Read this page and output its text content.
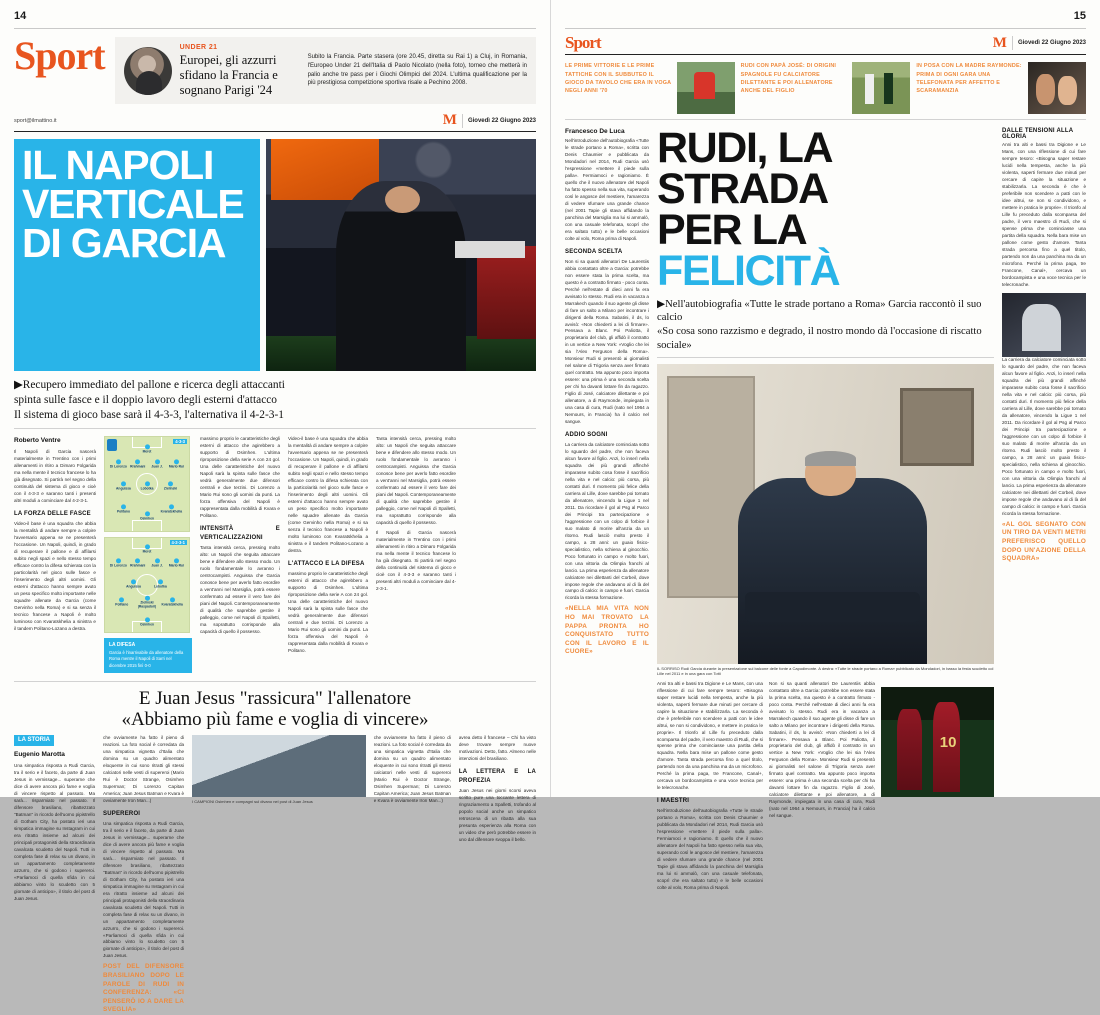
14
Sport	UNDER 21
Europei, gli azzurri sfidano la Francia e sognano Parigi '24
Subito la Francia. Parte stasera (ore 20.45, diretta su Rai 1) a Cluj, in Romania, l'Europeo Under 21 dell'Italia di Paolo Nicolato (nella foto), torneo che metterà in palio anche tre pass per i Giochi Olimpici del 2024. L'ultima qualificazione per la più prestigiosa competizione sportiva risale a Pechino 2008.
sport@ilmattino.it	M Giovedì 22 Giugno 2023
IL NAPOLI
VERTICALE
DI GARCIA

▶Recupero immediato del pallone e ricerca degli attaccanti

spinta sulle fasce e il doppio lavoro degli esterni d'attacco

Il sistema di gioco base sarà il 4-3-3, l'alternativa il 4-2-3-1

Roberto Ventre

Il Napoli di Garcia nascerà materialmente in Trentino con i primi allenamenti in ritiro a Dimaro Folgarida ma nella mente il tecnico francese lo ha già disegnato. Si partirà nel segno della continuità del sistema di gioco e cioè con il 4-3-3 e saranno tanti i presenti altri moduli a cominciare dal 4-2-3-1.

LA FORZA DELLE FASCE

Video-il base è una squadra che abbia la mentalità di andare sempre a colpire l'avversario appena se ne presenterà l'occasione. Un Napoli, quindi, in grado di recuperare il pallone e di affilarsi subito negli spazi e nello stesso tempo efficace contro la difesa schierata con la particolarità nel gioco sulle fasce e l'inserimento degli altri uomini. Gli esterni d'attacco hanno sempre avuto un peso specifico molto importante nelle squadre allenate da Garcia (come Gervinho nella Roma) e si sa senza il tecnico francese a Napoli è molto luminoso con Kvaratskhelia a sinistra e il tandem Politano-Lozano a destra.

4-3-3
Meret
Di Lorenzo Rrahmani	Juan J.	Mario Rui
Anguissa	Lobotka	Zielinski
Politano
Osimhen
Kvaratskhelia
4-2-3-1
Meret
Di Lorenzo Rrahmani	Juan J.	Mario Rui
Anguissa	Lobotka
Politano	Zielinski (Raspadori)	Kvaratskhelia
Osimhen
LA DIFESA

Garcia è l'inarrivabile da allenatore della Roma mentre il Napoli di Sarri nel dicembre 2015 finì 0-0

massimo proprio le caratteristiche degli esterni di attacco che agirebbero a supporto di Osimhen. L'ultima riproposizione della serie A con 24 gol. Una delle caratteristiche del nuovo Napoli sarà la spinta sulle fasce che vedrà generalmente due difensori centrali e due terzini. Di Lorenzo a Mario Rui sono gli uomini da punti. La forza offensiva del Napoli è rappresentata dalla mobilità di Kvara e Politano.

INTENSITÀ E VERTICALIZZAZIONI

Tanta intensità cerca, pressing molto alto: un Napoli che seguita attaccare bene e difendere allo stesso modo. Un ruolo fondamentale lo avranno i centrocampisti. Anguissa che Garcia conosce bene per averlo fatto esordire a vent'anni nel Marsiglia, potrà essere confermato ad essere il vero fare dei piani del Napoli. Contemporaneamente di qualità che saprebbe gestire il palleggio, come nel Napoli di Spalletti, ma soprattutto corrisponde alla capacità di quello il possesso.

Video-il base è una squadra che abbia la mentalità di andare sempre a colpire l'avversario appena se ne presenterà l'occasione. Un Napoli, quindi, in grado di recuperare il pallone e di affilarsi subito negli spazi e nello stesso tempo efficace contro la difesa schierata con la particolarità nel gioco sulle fasce e l'inserimento degli altri uomini. Gli esterni d'attacco hanno sempre avuto un peso specifico molto importante nelle squadre allenate da Garcia (come Gervinho nella Roma) e si sa senza il tecnico francese a Napoli è molto luminoso con Kvaratskhelia a sinistra e il tandem Politano-Lozano a destra.

L'ATTACCO E LA DIFESA

massimo proprio le caratteristiche degli esterni di attacco che agirebbero a supporto di Osimhen. L'ultima riproposizione della serie A con 24 gol. Una delle caratteristiche del nuovo Napoli sarà la spinta sulle fasce che vedrà generalmente due difensori centrali e due terzini. Di Lorenzo a Mario Rui sono gli uomini da punti. La forza offensiva del Napoli è rappresentata dalla mobilità di Kvara e Politano.

Tanta intensità cerca, pressing molto alto: un Napoli che seguita attaccare bene e difendere allo stesso modo. Un ruolo fondamentale lo avranno i centrocampisti. Anguissa che Garcia conosce bene per averlo fatto esordire a vent'anni nel Marsiglia, potrà essere confermato ad essere il vero fare dei piani del Napoli. Contemporaneamente di qualità che saprebbe gestire il palleggio, come nel Napoli di Spalletti, ma soprattutto corrisponde alla capacità di quello il possesso.

Il Napoli di Garcia nascerà materialmente in Trentino con i primi allenamenti in ritiro a Dimaro Folgarida ma nella mente il tecnico francese lo ha già disegnato. Si partirà nel segno della continuità del sistema di gioco e cioè con il 4-3-3 e saranno tanti i presenti altri moduli a cominciare dal 4-2-3-1.

E Juan Jesus "rassicura" l'allenatore
«Abbiamo più fame e voglia di vincere»
LA STORIA
Eugenio Marotta

Una simpatica risposta a Rudi Garcia, tra il serio e il faceto, da parte di Juan Jesus in vernissage... superarne che dice di avere ancora più fame e voglia di vincere rispetto al passato. Ma sarà... risparmiato nel passato. Il difensore brasiliano, ribattezzato "Batman" in ricordo dell'uomo pipistrello di Gotham City, ha postato ieri una simpatica immagine su Instagram in cui era ritratto insieme ad alcuni dei principali protagonisti della straordinaria cavalcata scudetto del Napoli. Tutti in completa fase di relax su un divano, in un appartamento completamente azzurro, che si godono i supereroi. «Parliamoci di quella sfida in cui abbiamo vinto lo scudetto con 5 giornate di anticipo», il titolo del post di Juan Jesus.

che ovviamente ha fatto il pieno di reazioni. La foto social è corredata da una simpatica vignetta d'Italia che domina su un quadro alimentato eloquente in cui sono ritratti gli stessi calciatori nelle vesti di supereroi (Mario Rui è Doctor Strange, Osimhen Superman; Di Lorenzo Capitan America; Juan Jesus Batman e Kvara è ovviamente Iron Man...)

SUPEREROI

Una simpatica risposta a Rudi Garcia, tra il serio e il faceto, da parte di Juan Jesus in vernissage... superarne che dice di avere ancora più fame e voglia di vincere rispetto al passato. Ma sarà... risparmiato nel passato. Il difensore brasiliano, ribattezzato "Batman" in ricordo dell'uomo pipistrello di Gotham City, ha postato ieri una simpatica immagine su Instagram in cui era ritratto insieme ad alcuni dei principali protagonisti della straordinaria cavalcata scudetto del Napoli. Tutti in completa fase di relax su un divano, in un appartamento completamente azzurro, che si godono i supereroi. «Parliamoci di quella sfida in cui abbiamo vinto lo scudetto con 5 giornate di anticipo», il titolo del post di Juan Jesus.

POST DEL DIFENSORE BRASILIANO DOPO LE PAROLE DI RUDI IN CONFERENZA: «CI PENSERÒ IO A DARE LA SVEGLIA»
I CAMPIONI Osimhen e compagni sul divano nel post di Juan Jesus

che ovviamente ha fatto il pieno di reazioni. La foto social è corredata da una simpatica vignetta d'Italia che domina su un quadro alimentato eloquente in cui sono ritratti gli stessi calciatori nelle vesti di supereroi (Mario Rui è Doctor Strange, Osimhen Superman; Di Lorenzo Capitan America; Juan Jesus Batman e Kvara è ovviamente Iron Man...)

avrea detto il francese – Chi ha visto deve trovare sempre nuove motivazioni. Detto, fatto. Almeno nelle intenzioni del brasiliano.

LA LETTERA E LA PROFEZIA

Juan Jesus nei giorni scorsi aveva scritto pure una toccante lettera di ringraziamento a Spalletti, trofando al popolo social anche un simpatico retroscena di un ribatta alla sua presunta esperienza alla Roma con un video che però potrebbe essere in uno dal difensore svoppa il bello.

15
Sport	M Giovedì 22 Giugno 2023
LE PRIME VITTORIE E LE PRIME TATTICHE CON IL SUBBUTEO IL GIOCO DA TAVOLO CHE ERA IN VOGA NEGLI ANNI '70
RUDI CON PAPÀ JOSÉ: DI ORIGINI SPAGNOLE FU CALCIATORE DILETTANTE E POI ALLENATORE ANCHE DEL FIGLIO
IN POSA CON LA MADRE RAYMONDE: PRIMA DI OGNI GARA UNA TELEFONATA PER AFFETTO E SCARAMANZIA
Francesco De Luca

Nell'introduzione dell'autobiografia «Tutte le strade portano a Roma», scritta con Denis Chaumier e pubblicata da Mondadori nel 2014, Rudi Garcia usò l'espressione «mettere il piede sulla palla». Fermiamoci e ragioniamo. È quello che il nuovo allenatore del Napoli ha fatto spesso nella sua vita, superando così le angosce del mestiere, l'amarezza di vedere sfumare una grande chance (nel 2001 Tapie gli stava affidando la panchina del Marsiglia ma lui si ammalò, con una casuale telefonata, scoprì che era saltato tutto) e le belle occasioni colte al volo, Roma prima di Napoli.

SECONDA SCELTA

Non si sa quanti allenatori De Laurentiis abbia contattato oltre a Garcia: potrebbe non essere stata la prima scelta, ma questo è a contratto firmato - poco conta. Perché nell'estate di dieci anni fa era avvisato lo stesso. Rudi era in vacanza a Marrakech quando il suo agente gli disse di fare un salto a Milano per incontrare i dirigenti della Roma. Sabatini, il ds, lo avvisò: «Non chiederti a lei di firmare». Pensava a Blanc. Poi Paliotta, il proprietario del club, gli affidò il contratto in un vertice a New York: «Voglio che lei sia l'Alex Ferguson della Roma». Monsieur Rudi si presentò ai giornalisti nel salone di Trigoria senza aver firmato quel contratto. Ma appunto poco importa essere: una prima è una seconda scelta per chi ha davanti lottare fin da ragazzo. Figlio di José, calciatore dilettante e poi allenatore, a di Raymonde, impiegata in una casa di cura, Rudi (nato nel 1964 a Nemours, in Francia) ha il calcio nel sangue.

ADDIO SOGNI

La carriera da calciatore cominciata sotto lo sguardo del padre, che non faceva alcun favore al figlio. Anzi, lo inserì nella squadra dei più grandi affinché imparasse subito cosa fosse il sacrificio nella vita e nel calcio: più corsa, più contatti duri. Il momento più felice della carriera al Lille, dove sarebbe poi tornato da allenatore, vincendo la Ligue 1 nel 2011. Da ricordare il gol al Psg al Parco dei Principi tra partecipazione e l'aggressione con un colpo di forbice il suo malato di morire all'anzia da un ritorno. Rudi lasciò molto presto il campo, a 28 anni: un guaio fisico-specialistico, nella schiena al ginocchio. Poco fortunato in campo e molto fuori, con una vittoria da Olimpia franchi al lancio. La prima esperienza da allenatore calciatore nei dilettanti del Corbeil, dove impose regole che andavano al di là del campo di calcio: in campo e fuori. Garcia ricorda la stessa formazione.

«NELLA MIA VITA NON HO MAI TROVATO LA PAPPA PRONTA HO CONQUISTATO TUTTO CON IL LAVORO E IL CUORE»
RUDI, LA STRADA
PER LA FELICITÀ

▶Nell'autobiografia «Tutte le strade portano a Roma» Garcia raccontò il suo calcio

«So cosa sono razzismo e degrado, il nostro mondo dà l'occasione di riscatto sociale»

IL SORRISO Rudi Garcia durante la presentazione sul balcone delle fonte a Capodimonte. A destra: «Tutte le strade portano a Roma» pubblicato da Mondadori, in basso la festa scudetto col Lille nel 2011 e in una gara con Totti

Anni tra alti e bassi tra Digione e Le Mans, con una riflessione di cui fare sempre tesoro: «Bisogna saper restare lucidi nella tempesta, anche la più violenta, saperti fermare due minuti per cercare di capire la situazione e stabilizzarla. La seconda è che è preferibile non scendere a patti con le idee altrui, se non si condividono, e mettere in pratica le proprie». Il trionfo al Lille fu preceduto dalla scomparsa del padre, il vero maestro di Rudi, che si spense prima che cominciasse una partita della squadra. Nella bara mise un pallone come gesto d'amore. Tanta strada percorsa fino a quel titolo, partendo non da una panchina ma da un microfono. Perché la prima paga, tre Francone, Canal+, cercava un bordocampista e una voce tecnica per le telecronache.

I MAESTRI

Nell'introduzione dell'autobiografia «Tutte le strade portano a Roma», scritta con Denis Chaumier e pubblicata da Mondadori nel 2014, Rudi Garcia usò l'espressione «mettere il piede sulla palla». Fermiamoci e ragioniamo. È quello che il nuovo allenatore del Napoli ha fatto spesso nella sua vita, superando così le angosce del mestiere, l'amarezza di vedere sfumare una grande chance (nel 2001 Tapie gli stava affidando la panchina del Marsiglia ma lui si ammalò, con una casuale telefonata, scoprì che era saltato tutto) e le belle occasioni colte al volo, Roma prima di Napoli.

Non si sa quanti allenatori De Laurentiis abbia contattato oltre a Garcia: potrebbe non essere stata la prima scelta, ma questo è a contratto firmato - poco conta. Perché nell'estate di dieci anni fa era avvisato lo stesso. Rudi era in vacanza a Marrakech quando il suo agente gli disse di fare un salto a Milano per incontrare i dirigenti della Roma. Sabatini, il ds, lo avvisò: «Non chiederti a lei di firmare». Pensava a Blanc. Poi Paliotta, il proprietario del club, gli affidò il contratto in un vertice a New York: «Voglio che lei sia l'Alex Ferguson della Roma». Monsieur Rudi si presentò ai giornalisti nel salone di Trigoria senza aver firmato quel contratto. Ma appunto poco importa essere: una prima è una seconda scelta per chi ha davanti lottare fin da ragazzo. Figlio di José, calciatore dilettante e poi allenatore, a di Raymonde, impiegata in una casa di cura, Rudi (nato nel 1964 a Nemours, in Francia) ha il calcio nel sangue.

10
DALLE TENSIONI ALLA GLORIA

Anni tra alti e bassi tra Digione e Le Mans, con una riflessione di cui fare sempre tesoro: «Bisogna saper restare lucidi nella tempesta, anche la più violenta, saperti fermare due minuti per cercare di capire la situazione e stabilizzarla. La seconda è che è preferibile non scendere a patti con le idee altrui, se non si condividono, e mettere in pratica le proprie». Il trionfo al Lille fu preceduto dalla scomparsa del padre, il vero maestro di Rudi, che si spense prima che cominciasse una partita della squadra. Nella bara mise un pallone come gesto d'amore. Tanta strada percorsa fino a quel titolo, partendo non da una panchina ma da un microfono. Perché la prima paga, tre Francone, Canal+, cercava un bordocampista e una voce tecnica per le telecronache.

La carriera da calciatore cominciata sotto lo sguardo del padre, che non faceva alcun favore al figlio. Anzi, lo inserì nella squadra dei più grandi affinché imparasse subito cosa fosse il sacrificio nella vita e nel calcio: più corsa, più contatti duri. Il momento più felice della carriera al Lille, dove sarebbe poi tornato da allenatore, vincendo la Ligue 1 nel 2011. Da ricordare il gol al Psg al Parco dei Principi tra partecipazione e l'aggressione con un colpo di forbice il suo malato di morire all'anzia da un ritorno. Rudi lasciò molto presto il campo, a 28 anni: un guaio fisico-specialistico, nella schiena al ginocchio. Poco fortunato in campo e molto fuori, con una vittoria da Olimpia franchi al lancio. La prima esperienza da allenatore calciatore nei dilettanti del Corbeil, dove impose regole che andavano al di là del campo di calcio: in campo e fuori. Garcia ricorda la stessa formazione.

«AL GOL SEGNATO CON UN TIRO DA VENTI METRI PREFERISCO QUELLO DOPO UN'AZIONE DELLA SQUADRA»
